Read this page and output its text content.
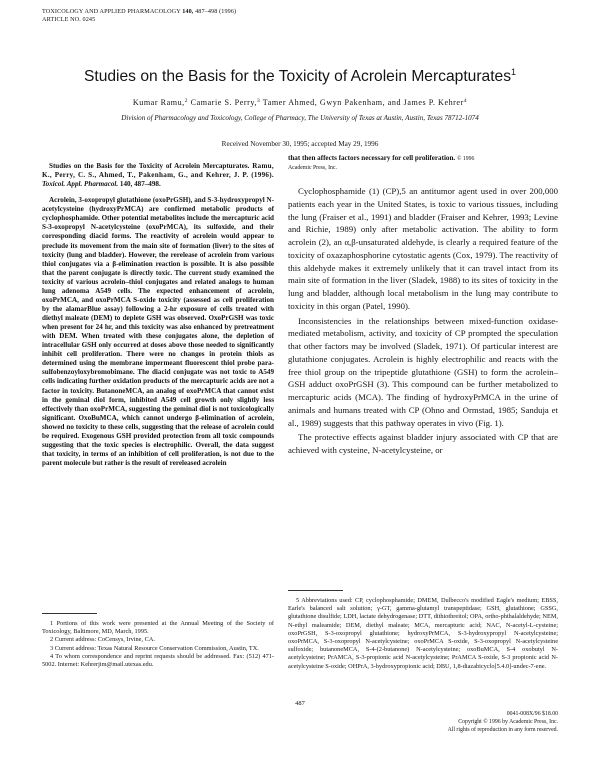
TOXICOLOGY AND APPLIED PHARMACOLOGY 140, 487–498 (1996)
ARTICLE NO. 0245
Studies on the Basis for the Toxicity of Acrolein Mercapturates$^1$
Kumar Ramu,$^2$ Camarie S. Perry,$^3$ Tamer Ahmed, Gwyn Pakenham, and James P. Kehrer$^4$
Division of Pharmacology and Toxicology, College of Pharmacy, The University of Texas at Austin, Austin, Texas 78712-1074
Received November 30, 1995; accepted May 29, 1996

Studies on the Basis for the Toxicity of Acrolein Mercapturates. Ramu, K., Perry, C. S., Ahmed, T., Pakenham, G., and Kehrer, J. P. (1996). Toxicol. Appl. Pharmacol. 140, 487–498.

Acrolein, 3-oxopropyl glutathione (oxoPrGSH), and S-3-hydroxypropyl N-acetylcysteine (hydroxyPrMCA) are confirmed metabolic products of cyclophosphamide. Other potential metabolites include the mercapturic acid S-3-oxopropyl N-acetylcysteine (oxoPrMCA), its sulfoxide, and their corresponding diacid forms. The reactivity of acrolein would appear to preclude its movement from the main site of formation (liver) to the sites of toxicity (lung and bladder). However, the rerelease of acrolein from various thiol conjugates via a β-elimination reaction is possible. It is also possible that the parent conjugate is directly toxic. The current study examined the toxicity of various acrolein–thiol conjugates and related analogs to human lung adenoma A549 cells. The expected enhancement of acrolein, oxoPrMCA, and oxoPrMCA S-oxide toxicity (assessed as cell proliferation by the alamarBlue assay) following a 2-hr exposure of cells treated with diethyl maleate (DEM) to deplete GSH was observed. OxoPrGSH was toxic when present for 24 hr, and this toxicity was also enhanced by pretreatment with DEM. When treated with these conjugates alone, the depletion of intracellular GSH only occurred at doses above those needed to significantly inhibit cell proliferation. There were no changes in protein thiols as determined using the membrane impermeant fluorescent thiol probe para-sulfobenzoyloxybromobimane. The diacid conjugate was not toxic to A549 cells indicating further oxidation products of the mercapturic acids are not a factor in toxicity. ButanoneMCA, an analog of oxoPrMCA that cannot exist in the geminal diol form, inhibited A549 cell growth only slightly less effectively than oxoPrMCA, suggesting the geminal diol is not toxicologically significant. OxoBuMCA, which cannot undergo β-elimination of acrolein, showed no toxicity to these cells, suggesting that the release of acrolein could be required. Exogenous GSH provided protection from all toxic compounds suggesting that the toxic species is electrophilic. Overall, the data suggest that toxicity, in terms of an inhibition of cell proliferation, is not due to the parent molecule but rather is the result of rereleased acrolein

that then affects factors necessary for cell proliferation. © 1996
Academic Press, Inc.

Cyclophosphamide (1) (CP),5 an antitumor agent used in over 200,000 patients each year in the United States, is toxic to various tissues, including the lung (Fraiser et al., 1991) and bladder (Fraiser and Kehrer, 1993; Levine and Richie, 1989) only after metabolic activation. The ability to form acrolein (2), an α,β-unsaturated aldehyde, is clearly a required feature of the toxicity of oxazaphosphorine cytostatic agents (Cox, 1979). The reactivity of this aldehyde makes it extremely unlikely that it can travel intact from its main site of formation in the liver (Sladek, 1988) to its sites of toxicity in the lung and bladder, although local metabolism in the lung may contribute to toxicity in this organ (Patel, 1990).

Inconsistencies in the relationships between mixed-function oxidase-mediated metabolism, activity, and toxicity of CP prompted the speculation that other factors may be involved (Sladek, 1971). Of particular interest are glutathione conjugates. Acrolein is highly electrophilic and reacts with the free thiol group on the tripeptide glutathione (GSH) to form the acrolein–GSH adduct oxoPrGSH (3). This compound can be further metabolized to mercapturic acids (MCA). The finding of hydroxyPrMCA in the urine of animals and humans treated with CP (Ohno and Ormstad, 1985; Sanduja et al., 1989) suggests that this pathway operates in vivo (Fig. 1).

The protective effects against bladder injury associated with CP that are achieved with cysteine, N-acetylcysteine, or

1 Portions of this work were presented at the Annual Meeting of the Society of Toxicology, Baltimore, MD, March, 1995.

2 Current address: CoCensys, Irvine, CA.

3 Current address: Texas Natural Resource Conservation Commission, Austin, TX.

4 To whom correspondence and reprint requests should be addressed. Fax: (512) 471-5002. Internet: Kehrerjim@mail.utexas.edu.

5 Abbreviations used: CP, cyclophosphamide; DMEM, Dulbecco's modified Eagle's medium; EBSS, Earle's balanced salt solution; γ-GT, gamma-glutamyl transpeptidase; GSH, glutathione; GSSG, glutathione disulfide; LDH, lactate dehydrogenase; DTT, dithiothreitol; OPA, ortho-phthalaldehyde; NEM, N-ethyl maleamide; DEM, diethyl maleate; MCA, mercapturic acid; NAC, N-acetyl-L-cysteine; oxoPrGSH, S-3-oxopropyl glutathione; hydroxyPrMCA, S-3-hydroxypropyl N-acetylcysteine; oxoPrMCA, S-3-oxopropyl N-acetylcysteine; oxoPrMCA S-oxide, S-3-oxopropyl N-acetylcysteine sulfoxide; butanoneMCA, S-4-(2-butanone) N-acetylcysteine; oxoBuMCA, S-4 oxobutyl N-acetylcysteine; PrAMCA, S-3-propionic acid N-acetylcysteine; PrAMCA S-oxide, S-3 propionic acid N-acetylcysteine S-oxide; OHPrA, 3-hydroxypropionic acid; DBU, 1,8-diazabicyclo[5.4.0]-undec-7-ene.

487
0041-008X/96 $18.00
Copyright © 1996 by Academic Press, Inc.
All rights of reproduction in any form reserved.
